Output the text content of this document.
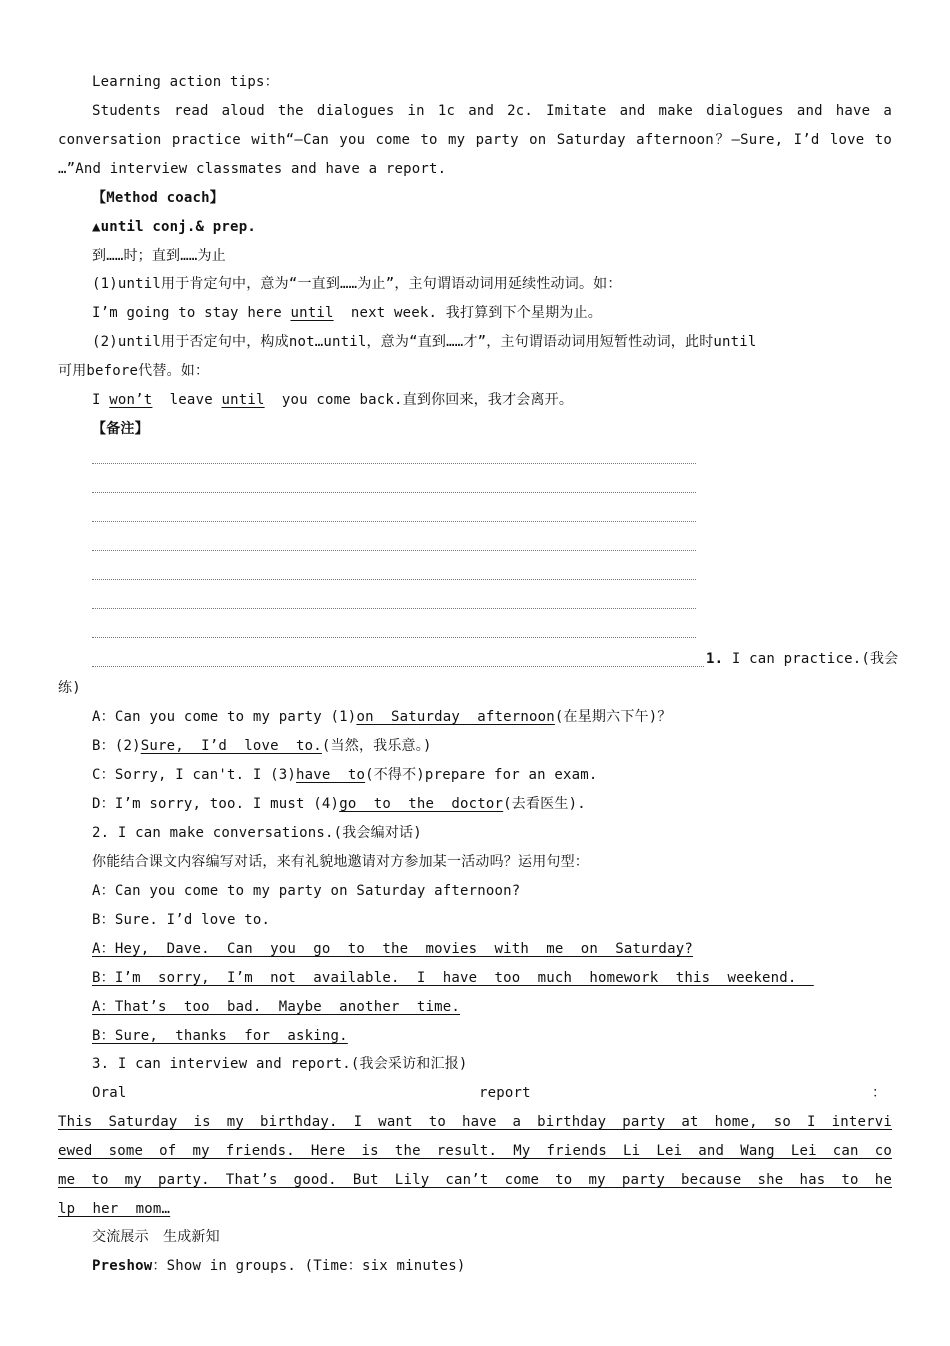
Learning action tips：
Students read aloud the dialogues in 1c and 2c. Imitate and make dialogues and have a
conversation practice with“—Can you come to my party on Saturday afternoon？—Sure, I’d love to
…”And interview classmates and have a report.
【Method coach】
▲until conj.& prep.
到……时；直到……为止
(1)until用于肯定句中，意为“一直到……为止”，主句谓语动词用延续性动词。如：
I’m going to stay here until  next week. 我打算到下个星期为止。
(2)until用于否定句中，构成not…until，意为“直到……才”，主句谓语动词用短暂性动词，此时until
可用before代替。如：
I won’t  leave until  you come back.直到你回来，我才会离开。
【备注】
1. I can practice.(我会
练)
A：Can you come to my party (1)on  Saturday  afternoon(在星期六下午)？
B：(2)Sure,  I’d  love  to.(当然，我乐意。)
C：Sorry, I can't. I (3)have  to(不得不)prepare for an exam.
D：I’m sorry, too. I must (4)go  to  the  doctor(去看医生).
2. I can make conversations.(我会编对话)
你能结合课文内容编写对话，来有礼貌地邀请对方参加某一活动吗？运用句型：
A：Can you come to my party on Saturday afternoon?
B：Sure. I’d love to.
A：Hey,  Dave.  Can  you  go  to  the  movies  with  me  on  Saturday?
B：I’m  sorry,  I’m  not  available.  I  have  too  much  homework  this  weekend.
A：That’s  too  bad.  Maybe  another  time.
B：Sure,  thanks  for  asking.
3. I can interview and report.(我会采访和汇报)
Oral	report	：
This Saturday is my birthday. I want to have a birthday party at home, so I intervi
ewed some of my friends. Here is the result. My friends Li Lei and Wang Lei can co
me to my party. That’s good. But Lily can’t come to my party because she has to he
lp  her  mom…
交流展示　生成新知
Preshow：Show in groups. (Time：six minutes)
